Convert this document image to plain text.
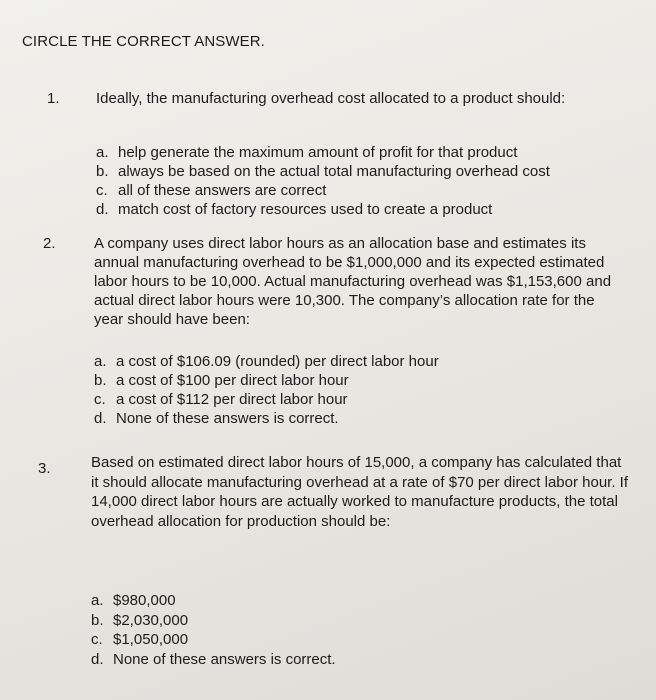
CIRCLE THE CORRECT ANSWER.
1. Ideally, the manufacturing overhead cost allocated to a product should:
a. help generate the maximum amount of profit for that product
b. always be based on the actual total manufacturing overhead cost
c. all of these answers are correct
d. match cost of factory resources used to create a product
2.	A company uses direct labor hours as an allocation base and estimates its annual manufacturing overhead to be $1,000,000 and its expected estimated labor hours to be 10,000. Actual manufacturing overhead was $1,153,600 and actual direct labor hours were 10,300. The company’s allocation rate for the year should have been:
a. a cost of $106.09 (rounded) per direct labor hour
b. a cost of $100 per direct labor hour
c. a cost of $112 per direct labor hour
d. None of these answers is correct.
3.	Based on estimated direct labor hours of 15,000, a company has calculated that it should allocate manufacturing overhead at a rate of $70 per direct labor hour. If 14,000 direct labor hours are actually worked to manufacture products, the total overhead allocation for production should be:
a. $980,000
b. $2,030,000
c. $1,050,000
d. None of these answers is correct.
